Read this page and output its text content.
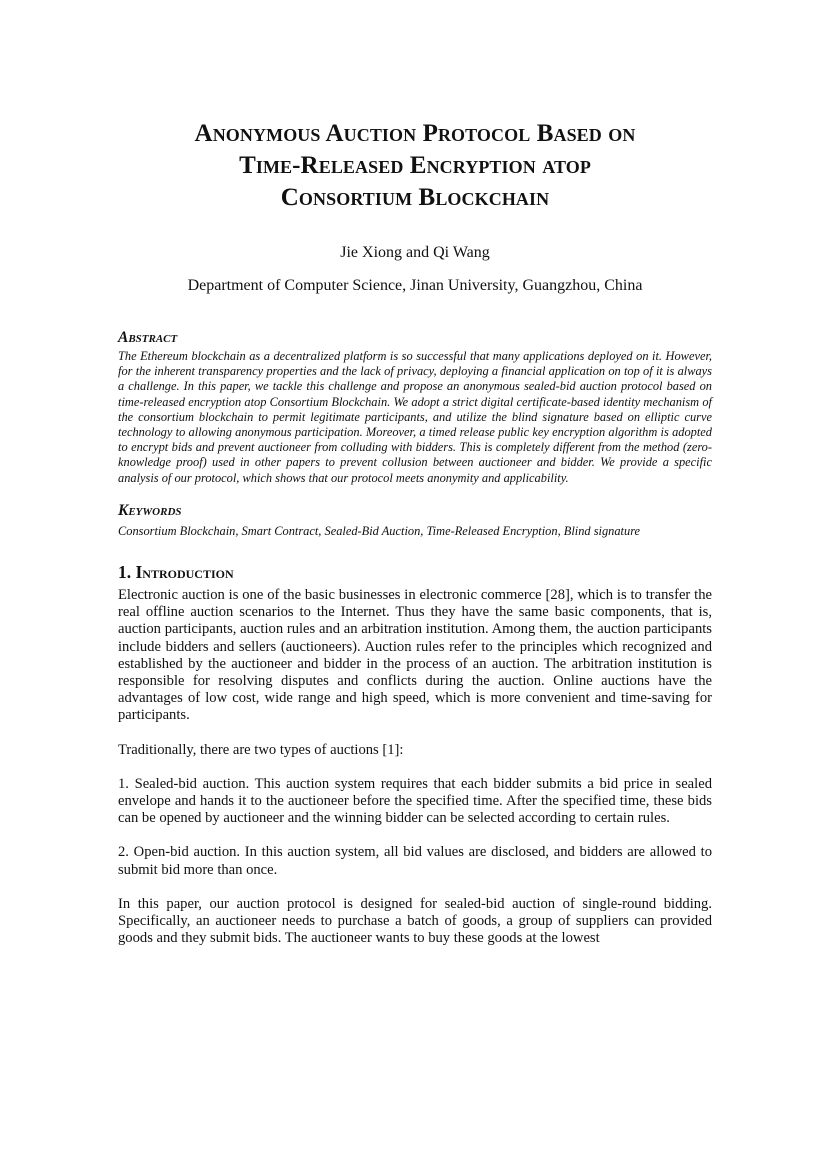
Anonymous Auction Protocol Based on
Time-Released Encryption atop
Consortium Blockchain
Jie Xiong and Qi Wang
Department of Computer Science, Jinan University, Guangzhou, China
Abstract

The Ethereum blockchain as a decentralized platform is so successful that many applications deployed on it. However, for the inherent transparency properties and the lack of privacy, deploying a financial application on top of it is always a challenge. In this paper, we tackle this challenge and propose an anonymous sealed-bid auction protocol based on time-released encryption atop Consortium Blockchain. We adopt a strict digital certificate-based identity mechanism of the consortium blockchain to permit legitimate participants, and utilize the blind signature based on elliptic curve technology to allowing anonymous participation. Moreover, a timed release public key encryption algorithm is adopted to encrypt bids and prevent auctioneer from colluding with bidders. This is completely different from the method (zero-knowledge proof) used in other papers to prevent collusion between auctioneer and bidder. We provide a specific analysis of our protocol, which shows that our protocol meets anonymity and applicability.

Keywords
Consortium Blockchain, Smart Contract, Sealed-Bid Auction, Time-Released Encryption, Blind signature
1. Introduction

Electronic auction is one of the basic businesses in electronic commerce [28], which is to transfer the real offline auction scenarios to the Internet. Thus they have the same basic components, that is, auction participants, auction rules and an arbitration institution. Among them, the auction participants include bidders and sellers (auctioneers). Auction rules refer to the principles which recognized and established by the auctioneer and bidder in the process of an auction. The arbitration institution is responsible for resolving disputes and conflicts during the auction. Online auctions have the advantages of low cost, wide range and high speed, which is more convenient and time-saving for participants.

Traditionally, there are two types of auctions [1]:

1. Sealed-bid auction. This auction system requires that each bidder submits a bid price in sealed envelope and hands it to the auctioneer before the specified time. After the specified time, these bids can be opened by auctioneer and the winning bidder can be selected according to certain rules.

2. Open-bid auction. In this auction system, all bid values are disclosed, and bidders are allowed to submit bid more than once.

In this paper, our auction protocol is designed for sealed-bid auction of single-round bidding. Specifically, an auctioneer needs to purchase a batch of goods, a group of suppliers can provided goods and they submit bids. The auctioneer wants to buy these goods at the lowest
